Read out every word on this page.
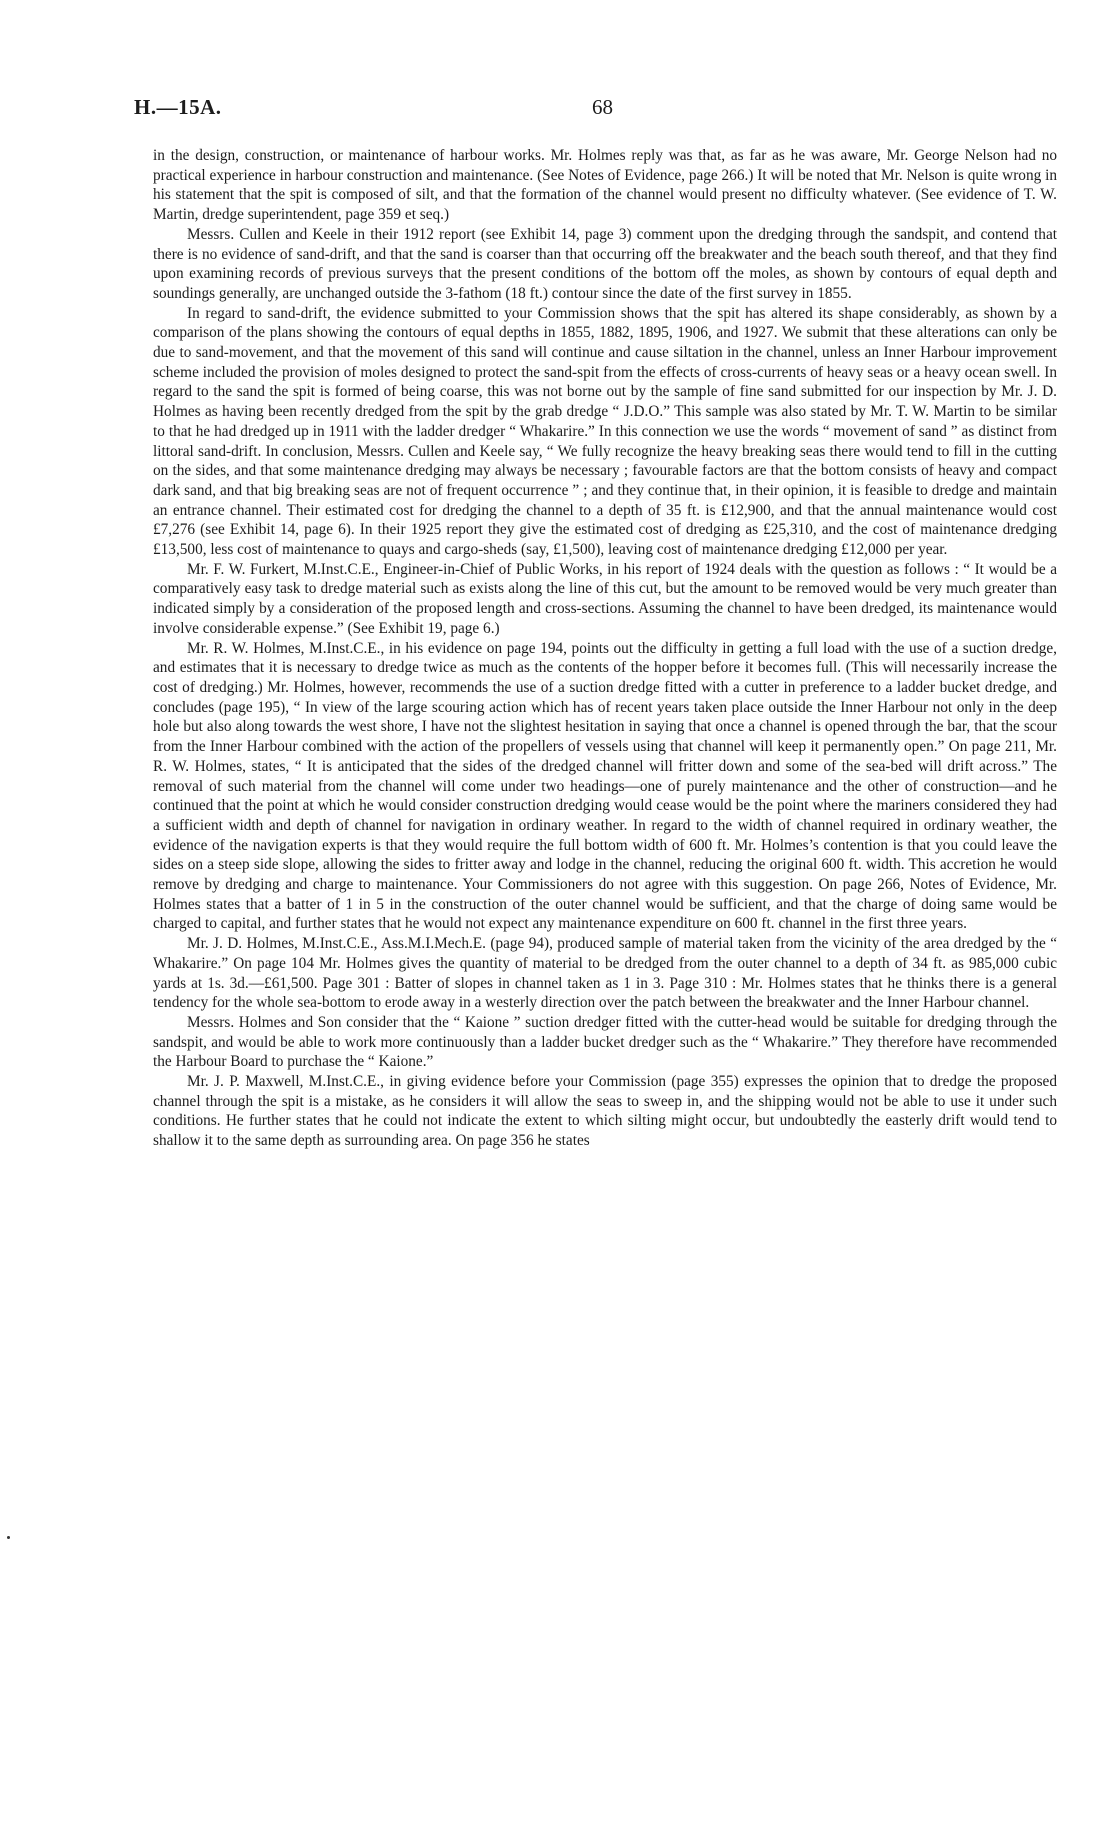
H.—15A.	68

in the design, construction, or maintenance of harbour works. Mr. Holmes reply was that, as far as he was aware, Mr. George Nelson had no practical experience in harbour construction and maintenance. (See Notes of Evidence, page 266.) It will be noted that Mr. Nelson is quite wrong in his statement that the spit is composed of silt, and that the formation of the channel would present no difficulty whatever. (See evidence of T. W. Martin, dredge superintendent, page 359 et seq.)

Messrs. Cullen and Keele in their 1912 report (see Exhibit 14, page 3) comment upon the dredging through the sandspit, and contend that there is no evidence of sand-drift, and that the sand is coarser than that occurring off the breakwater and the beach south thereof, and that they find upon examining records of previous surveys that the present conditions of the bottom off the moles, as shown by contours of equal depth and soundings generally, are unchanged outside the 3-fathom (18 ft.) contour since the date of the first survey in 1855.

In regard to sand-drift, the evidence submitted to your Commission shows that the spit has altered its shape considerably, as shown by a comparison of the plans showing the contours of equal depths in 1855, 1882, 1895, 1906, and 1927. We submit that these alterations can only be due to sand-movement, and that the movement of this sand will continue and cause siltation in the channel, unless an Inner Harbour improvement scheme included the provision of moles designed to protect the sand-spit from the effects of cross-currents of heavy seas or a heavy ocean swell. In regard to the sand the spit is formed of being coarse, this was not borne out by the sample of fine sand submitted for our inspection by Mr. J. D. Holmes as having been recently dredged from the spit by the grab dredge “ J.D.O.” This sample was also stated by Mr. T. W. Martin to be similar to that he had dredged up in 1911 with the ladder dredger “ Whakarire.” In this connection we use the words “ movement of sand ” as distinct from littoral sand-drift. In conclusion, Messrs. Cullen and Keele say, “ We fully recognize the heavy breaking seas there would tend to fill in the cutting on the sides, and that some maintenance dredging may always be necessary ; favourable factors are that the bottom consists of heavy and compact dark sand, and that big breaking seas are not of frequent occurrence ” ; and they continue that, in their opinion, it is feasible to dredge and maintain an entrance channel. Their estimated cost for dredging the channel to a depth of 35 ft. is £12,900, and that the annual maintenance would cost £7,276 (see Exhibit 14, page 6). In their 1925 report they give the estimated cost of dredging as £25,310, and the cost of maintenance dredging £13,500, less cost of maintenance to quays and cargo-sheds (say, £1,500), leaving cost of maintenance dredging £12,000 per year.

Mr. F. W. Furkert, M.Inst.C.E., Engineer-in-Chief of Public Works, in his report of 1924 deals with the question as follows : “ It would be a comparatively easy task to dredge material such as exists along the line of this cut, but the amount to be removed would be very much greater than indicated simply by a consideration of the proposed length and cross-sections. Assuming the channel to have been dredged, its maintenance would involve considerable expense.” (See Exhibit 19, page 6.)

Mr. R. W. Holmes, M.Inst.C.E., in his evidence on page 194, points out the difficulty in getting a full load with the use of a suction dredge, and estimates that it is necessary to dredge twice as much as the contents of the hopper before it becomes full. (This will necessarily increase the cost of dredging.) Mr. Holmes, however, recommends the use of a suction dredge fitted with a cutter in preference to a ladder bucket dredge, and concludes (page 195), “ In view of the large scouring action which has of recent years taken place outside the Inner Harbour not only in the deep hole but also along towards the west shore, I have not the slightest hesitation in saying that once a channel is opened through the bar, that the scour from the Inner Harbour combined with the action of the propellers of vessels using that channel will keep it permanently open.” On page 211, Mr. R. W. Holmes, states, “ It is anticipated that the sides of the dredged channel will fritter down and some of the sea-bed will drift across.” The removal of such material from the channel will come under two headings—one of purely maintenance and the other of construction—and he continued that the point at which he would consider construction dredging would cease would be the point where the mariners considered they had a sufficient width and depth of channel for navigation in ordinary weather. In regard to the width of channel required in ordinary weather, the evidence of the navigation experts is that they would require the full bottom width of 600 ft. Mr. Holmes’s contention is that you could leave the sides on a steep side slope, allowing the sides to fritter away and lodge in the channel, reducing the original 600 ft. width. This accretion he would remove by dredging and charge to maintenance. Your Commissioners do not agree with this suggestion. On page 266, Notes of Evidence, Mr. Holmes states that a batter of 1 in 5 in the construction of the outer channel would be sufficient, and that the charge of doing same would be charged to capital, and further states that he would not expect any maintenance expenditure on 600 ft. channel in the first three years.

Mr. J. D. Holmes, M.Inst.C.E., Ass.M.I.Mech.E. (page 94), produced sample of material taken from the vicinity of the area dredged by the “ Whakarire.” On page 104 Mr. Holmes gives the quantity of material to be dredged from the outer channel to a depth of 34 ft. as 985,000 cubic yards at 1s. 3d.—£61,500. Page 301 : Batter of slopes in channel taken as 1 in 3. Page 310 : Mr. Holmes states that he thinks there is a general tendency for the whole sea-bottom to erode away in a westerly direction over the patch between the breakwater and the Inner Harbour channel.

Messrs. Holmes and Son consider that the “ Kaione ” suction dredger fitted with the cutter-head would be suitable for dredging through the sandspit, and would be able to work more continuously than a ladder bucket dredger such as the “ Whakarire.” They therefore have recommended the Harbour Board to purchase the “ Kaione.”

Mr. J. P. Maxwell, M.Inst.C.E., in giving evidence before your Commission (page 355) expresses the opinion that to dredge the proposed channel through the spit is a mistake, as he considers it will allow the seas to sweep in, and the shipping would not be able to use it under such conditions. He further states that he could not indicate the extent to which silting might occur, but undoubtedly the easterly drift would tend to shallow it to the same depth as surrounding area. On page 356 he states
